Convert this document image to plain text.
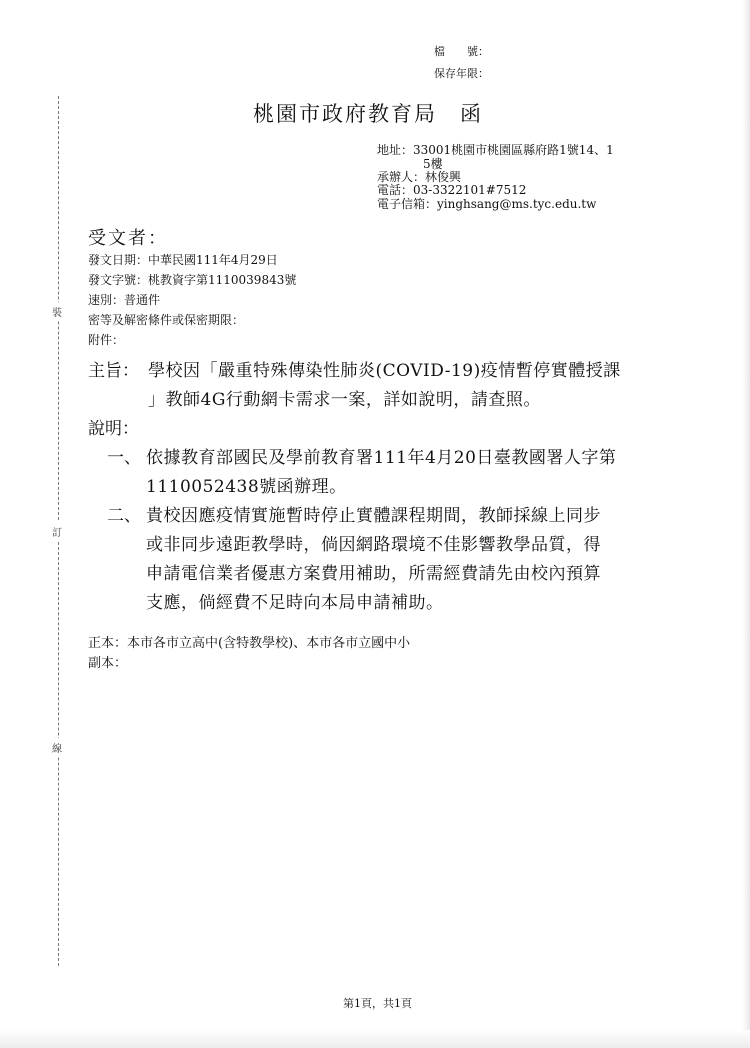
裝
訂
線
檔　　號：
保存年限：
桃園市政府教育局　函
地址：33001桃園市桃園區縣府路1號14、1
5樓
承辦人：林俊興
電話：03-3322101#7512
電子信箱：yinghsang@ms.tyc.edu.tw
受文者：
發文日期：中華民國111年4月29日
發文字號：桃教資字第1110039843號
速別：普通件
密等及解密條件或保密期限：
附件：
主旨： 學校因「嚴重特殊傳染性肺炎(COVID-19)疫情暫停實體授課
」教師4G行動網卡需求一案，詳如說明，請查照。
說明：
一、 依據教育部國民及學前教育署111年4月20日臺教國署人字第
1110052438號函辦理。
二、 貴校因應疫情實施暫時停止實體課程期間，教師採線上同步
或非同步遠距教學時，倘因網路環境不佳影響教學品質，得
申請電信業者優惠方案費用補助，所需經費請先由校內預算
支應，倘經費不足時向本局申請補助。
正本：本市各市立高中(含特教學校)、本市各市立國中小
副本：
第1頁，共1頁
